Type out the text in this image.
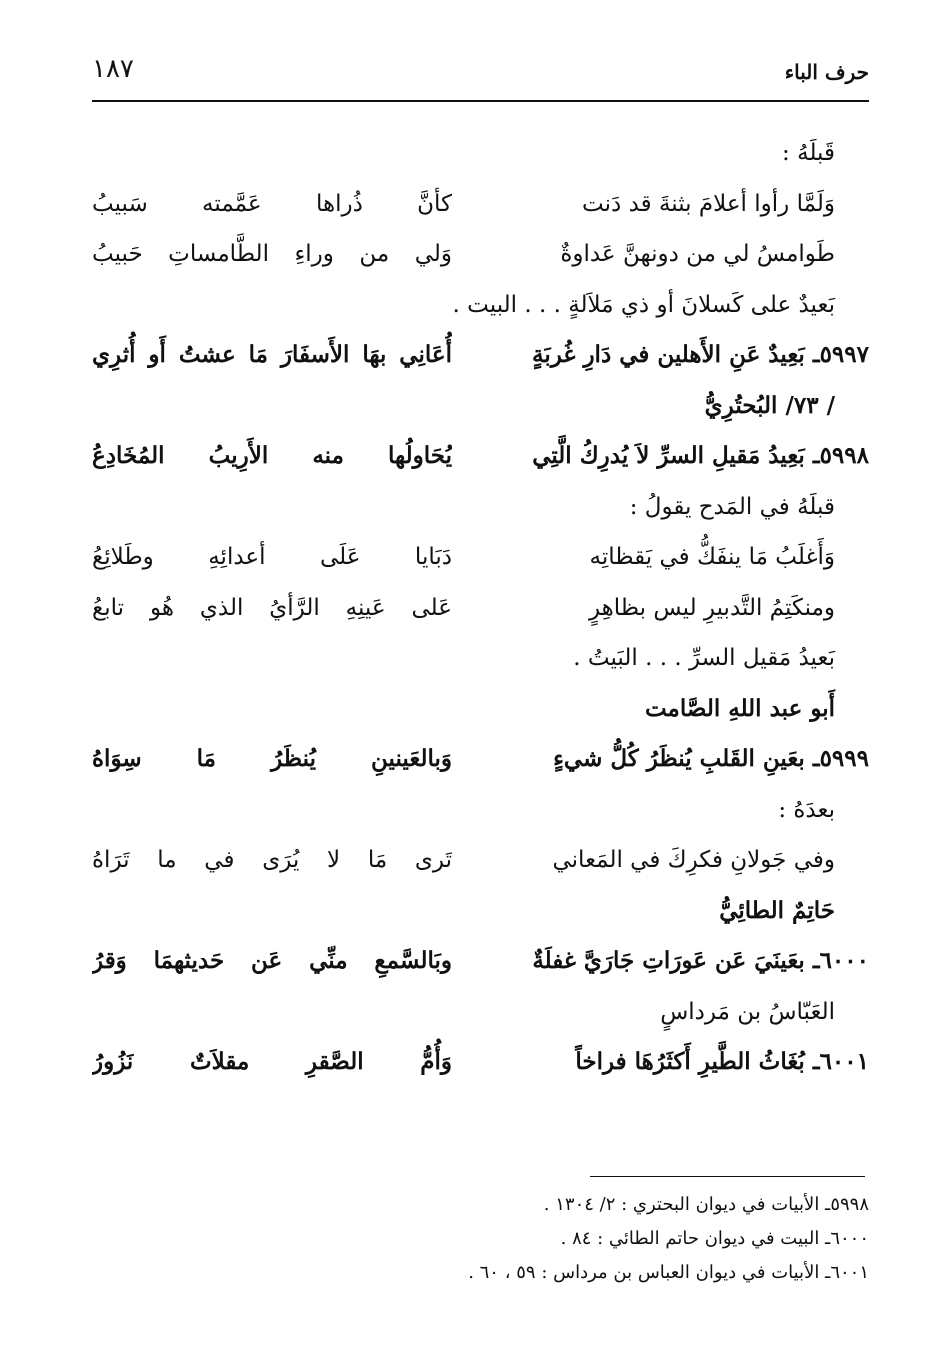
حرف الباء
١٨٧
قَبلَهُ :
وَلَمَّا رأوا أعلامَ بثنةَ قد دَنت
كأنَّ ذُراها عَمَّمته سَبيبُ
طَوامسُ لي من دونهنَّ عَداوةٌ
وَلي من وراءِ الطَّامساتِ حَبيبُ
بَعيدٌ على كَسلانَ أو ذي مَلاَلةٍ . . . البيت .
٥٩٩٧ـ بَعِيدٌ عَنِ الأَهلين في دَارِ غُربَةٍ
أُعَانِي بهَا الأَسفَارَ مَا عشتُ أَو أُثرِي
/ ٧٣/ البُحتُرِيُّ
٥٩٩٨ـ بَعِيدُ مَقيلِ السرِّ لاَ يُدرِكُ الَّتِي
يُحَاولُها منه الأَرِيبُ المُخَادِعُ
قبلَهُ في المَدح يقولُ :
وَأَغلَبُ مَا ينفَكُّ في يَقظاتِه
دَبَايا عَلَى أعدائِهِ وطَلائِعُ
ومنكَتِمُ التَّدبيرِ ليس بظاهِرٍ
عَلى عَينِهِ الرَّأيُ الذي هُو تابعُ
بَعيدُ مَقيل السرِّ . . . البَيتُ .
أَبو عبد اللهِ الصَّامت
٥٩٩٩ـ بعَينِ القَلبِ يُنظَرُ كُلُّ شيءٍ
وَبالعَينينِ يُنظَرُ مَا سِوَاهُ
بعدَهُ :
وفي جَولانِ فكرِكَ في المَعاني
تَرى مَا لا يُرَى في ما تَرَاهُ
حَاتِمٌ الطائِيُّ
٦٠٠٠ـ بعَينَيَ عَن عَورَاتِ جَارَيَّ غفلَةٌ
وبَالسَّمعِ منِّي عَن حَديثهمَا وَقرُ
العَبّاسُ بن مَرداسٍ
٦٠٠١ـ بُغَاثُ الطَّيرِ أَكثَرُهَا فراخاً
وَأُمُّ الصَّقرِ مقلاَتٌ نَزُورُ
٥٩٩٨ـ الأبيات في ديوان البحتري : ٢/ ١٣٠٤ .
٦٠٠٠ـ البيت في ديوان حاتم الطائي : ٨٤ .
٦٠٠١ـ الأبيات في ديوان العباس بن مرداس : ٥٩ ، ٦٠ .
